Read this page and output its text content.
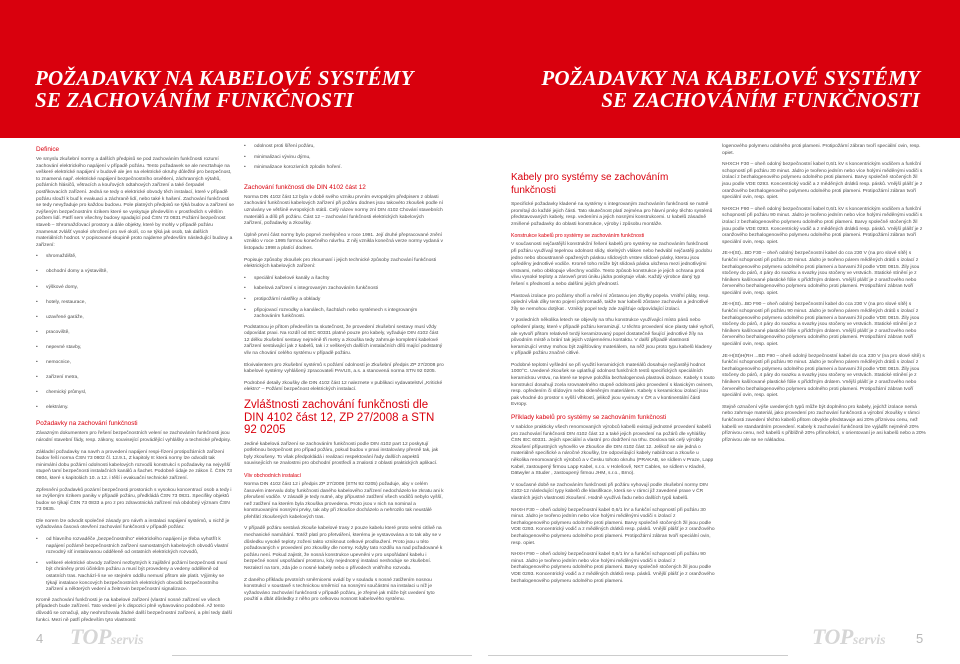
POŽADAVKY NA KABELOVÉ SYSTÉMY
SE ZACHOVÁNÍM FUNKČNOSTI
POŽADAVKY NA KABELOVÉ SYSTÉMY
SE ZACHOVÁNÍM FUNKČNOSTI
Definice

Ve smyslu zkušební normy a dalších předpisů se pod zachováním funkčnosti rozumí zachování elektrického napájení v případě požáru. Tento požadavek se ale nevztahuje na veškeré elektrické napájení v budově ale jen na elektrické okruhy důležité pro bezpečnost, to znamená např. elektrické napájení bezpečnostního osvětlení, záchranných výtahů, požárních hlásičů, větracích a kouřových odtahových zařízení a také čerpadel postřikovacích zařízení. Jedná se tedy o elektrické obvody těch instalací, které v případě požáru slouží k buď k evakuaci a záchraně lidí, nebo také k hašení. Zachování funkčnosti se tedy nevyžaduje pro každou budovu. Pole platných předpisů se týká budov a zařízení se zvýšeným bezpečnostním rizikem které se vyskytuje především v prostředích s větším počtem lidí. Patří sem všechny budovy spadající pod ČSN 73 0831 Požární bezpečnost staveb – Shromažďovací prostory a dále objekty, které by mohly v případě požáru znamenat zvlášť vysoké ohrožení pro své okolí, co se týká jak osob, tak dalších materiálních hodnot. V popisované skupině proto najdeme především následující budovy a zařízení:

• shromaždiště,
• obchodní domy a výstaviště,
• výškové domy,
• hotely, restaurace,
• uzavřené garáže,
• pracoviště,
• nepevné stavby,
• nemocnice,
• zařízení metra,
• chemický průmysl,
• elektrárny.
Požadavky na zachování funkčnosti

Závazným dokumentem pro řešení bezpečnostních velení se zachováním funkčnosti jsou národní stavební řády, resp. zákony, související provádějící vyhlášky a technické předpisy.

Základní požadavky na navrh a provedení napájení respi-řízení protipožárních zařízení budov řeší norma ČSN 73 0802 čl. 12.9.1, Z kapitoly 8: která normy lze odvodit tak minimální dobu požární odolnosti kabelových rozvodů konstrukcí s požadavky na nejvyšší stupeň tamí bezpečnosti instalačních kanálů a šachet. Podobně údaje ze zákon č. ČSN 73 0804, které s kapitolách 10. a 12. i těší i evakuační technické zařízení.

Zpřesnění požadavků pozární bezpečnosti prostorách s vysokou koncentrací osob a tedy i se zvýšeným rizikem paniky v případě požáru, předkládá ČSN 73 0831. Specifiky objektů budov se týkají ČSN 73 0833 a pro z pro zdravotnická zařízení má obdobný význam ČSN 73 0835.

Dle norem lze odvodit společné zásady pro návrh a instalaci napájení systémů, u nichž je vyžadována časová otevření zachování funkčnosti v případě požáru:

• od hlavního rozvaděče „bezpečnostního“ elektrického napájení je třeba vyhotřít k napájení požárně bezpečnostních zařízení samostatných kabelových obvodů vlastní rozvodný síť instalovanou odděleně od ostatních elektrických rozvodů,
• veškeré elektrické obvody zařízení nezbytných k zajištění požární bezpečnosti musí být chráněny proti účinkům požáru a musí být provedeny a vedeny odděleně od ostatních tras. Nachází-li se ve stejném oddílu nemusí přitom ale platit. Výjimky se týkají instalace koncových bezpečnostních elektrických obvodů bezpečnostního zařízení a některých vedení a žeitrovin bezpečnostní signalizace.

Kromě zachování funkčnosti je na kabelové zařízení (vlastní nosné zařízení ve všech případech bude zařízení. Tato vedení je k dispozici plně vybavováno podobné. Až tento důvodů se označují, aby neohrožovala žádné další bezpečnostní zařízení, a plní tedy další funkci. Mezi ně patří především tyto vlastnosti:

• odolnost proti šíření požáru,
• minimalizaci vývinu dýmu,
• minimalizace korozivních zplodin hoření.
Zachování funkčnosti dle DIN 4102 část 12

Norma DIN 4102 část 12 byla v době svého vzniku prvním evropským předpisem z oblasti zachování funkčnosti kabelových zařízení při požáru dodnes jsou takovéto zkoušek podle ní uznávány ve většině evropských států. Celý název normy zní DIN 4102 Chování stavebních materiálů a dílů při požáru. Část 12 – zachování funkčnosti elektrických kabelových zařízení, požadavky a zkoušky.

Úplně první část normy bylo poprvé zveřejněno v roce 1991. Její druhé přepracované znění vzniklo v roce 1995 formou konečného návrhu. Z něj vznikla konečná verze normy vydaná v listopadu 1998 a platící dodnes.

Popisuje způsoby zkoušek pro zkoumaní i jejich technické způsoby zachování funkčnosti elektrických kabelových zařízení:

• speciální kabelové kanály a šachty
• kabelová zařízení s integrovaným zachováním funkčnosti
• protipožární nástřiky a obklady
• připojovací rozvodky a kanálech, šachtách nebo systémech s integrovaným zachováním funkčnosti.

Podstatnou je přitom především ta skutečnost, že provedení zkušební sestavy musí vždy odpovídat praxi. Na rozdíl od IEC 60331 platné pouze pro kabely, vyžaduje DIN 4102 část 12 délku zkušební sestavy nejméně tři metry a zkouška tedy zahrnuje kompletní kabelové zařízení sestávající jak z kabelů, tak i z veškerých dalších instalačních dílů mající podstatný vliv na chování celého systému v případě požáru.

Ekvivalentem pro zkušební systémů s požární odolností je Zkušební předpis ZP 27/2008 pro kabelové systémy vyhlášený zpracovateli PAVUS, a.s. a stanovená norma STN 92 0205.

Podrobné detaily zkoušky dle DIN 4102 část 12 naleznete v publikaci vydavatelství „Kritické elektro“ – Požární bezpečnost elektrických instalací.

Zvláštnosti zachování funkčnosti dle DIN 4102 část 12, ZP 27/2008 a STN 92 0205

Jediné kabelová zařízení se zachováním funkčnosti podle DIN 4102 part 12 poskytují potřebnou bezpečnost pro případ požáru, pokud budou v praxi instalovány přesně tak, jak byly zkoušeny. To však předpokládá i realizaci respektování řady dalších aspektů souvisejících se znalostmi pro obchodní prostředí a znalosti z oblasti praktických aplikací.

Vliv obchodních instalací

Norma DIN 4102 část 12 i předpis ZP 27/2008 (STN 92 0205) požaduje, aby v celém časovém intervalu doby funkčnosti daného kabelového zařízení nedocházelo ke zkratu ani k přerušení vodiče. V zásadě je tedy nutné, aby přípustné zatížení všech vodičů nebylo vyšší, než zatížení na kterém byla zkouška provedena. Proto jsou v nich na nominal a konstruovanými nosnými prvky, tak aby při zkoušce docházelo a nehrozilo tak neustálé přehřátí zkoušených kabelových tras.

V případě požáru sestává zkouše kabelové trasy z pouze kabelu které proto velmi citlivě na mechanické namáhání. Totéž platí pro přetváření, kterému je vystavována a to tak aby se v důsledku vysokě teploty zoženi takto vzniknout celkové prodloužení. Proto jsou u této požadovaných v provedení pro zkoušky dle normy. Kdyby tato rozdílu na nad požadované k požáru není. Pokud zajistit, že nosná konstrukce upevněni v pro uspořádaní kabelu i bezpečné nosní uspořádaní prostoru, kdy nejednotný instalaci neshoduje se zkušební. Nezalezí na tom, zda jde o nosné kabely nebo o přívodech vnitřního rozvodu.

Z daného příkladu prvotních směrnicemi uvádí by v souladu s nosné zatížením nosnou konstrukcí v soustavě s technickou směrnicí na nosnými součástmi na instalaci u níž je vyžadováno zachování funkčnosti v případě požáru, je zřejmé jak může být uvedení tyto použití a dbát důsledky z něho pro celkovou nosnost kabelového systému.

Kabely pro systémy se zachováním funkčnosti

Specifické požadavky kladené na systémy s integrovaným zachováním funkčnosti se nutně promítají do každé jejich části. Tato skutečnost platí zejména pro hlavní prvky těchto systémů představovaných kabely, resp. vedeními a jejich nosnými konstrukcemi. U kabelů zásadně zmiňené požadavky do oblasti konstrukce, výroby i způsobu montáže.

Konstrukce kabelů pro systémy se zachováním funkčnosti

V současnosti nejčastější konstrukční řešení kabelů pro systémy se zachováním funkčnosti při požáru využívají tepelnou odolnost slídy, skelných vláken nebo hedvábí nejčastěji podobu jedno nebo oboustranně opažených páskou slídových vrstev slídové pásky, kterou jsou opředěny jednotlivé vodiče. Kromě toho může být slídová páska uložena mezi jednotlivými vrstvami, nebo obklopuje všechny vodiče. Tento způsob konstrukce je jejich ochrana proti vlivu vysoké teploty a zároveň proti úniku jádra poskytuje však. Každý výrobce daný typ řešení s předností a nebo dalšími jejích předností.

Plastová izolace pro požárny shoří a mění ní zůstanou jen zbytky popela. Vnitřní pláty, resp. oplední však díky tento pojení pohromadě, takže tvar kabelů zůstane zachován a jednotlivé žíly se nemohou dotýkat . Vznikly popel tedy zde zajišťuje odpovídající izolaci.

V posledních několika letech se objevily na trhu konstrukce využívající místo pásů nebo opředení plasty, které v případě požáru keramizují. U těchto provedení sice plasty také vyhoří, ale vytvoří přitom relativně tvrdý keramizovaný popel dostatečně fixující jednotlivé žíly na původním místě a brání tak jejich vzájemnému kontaktu. V další případě vlastnosti keramizující vrstvy mohou být zajišťovány materiálem, na něž jsou proto typu kabelů kladeny v případě požáru značné citlivé.

Podobné teplotní vyšlední se při využití keramických materiálů dosahuje nejčastěji hodnot 1000°C. Uvedené zkoušek se uplatňují odolnost funkčních testů specifických speciálních keramickou vrstvu, na které se teprve položila bezhalogenová plastová izolace. Kabely s touto konstrukcí dosahují zcela srovnatelného stupně odolnosti jako provedení s klasickým ovinem, resp. opředením či slídovým nebo skleněným materiálem. Kabely s keramickou izolací jsou pak vhodné do prostor s vyšší vlhkostí, jelikož jsou vyvinuty v ČR a v kontinentální části Evropy.

Příklady kabelů pro systémy se zachováním funkčnosti

V nabídce prakticky všech renomovaných výrobců kabelů existují jednotné provedení kabelů pro zachování funkčnosti DIN 4102 část 12 a také jejich provedení na požárů dle vyhlášky ČSN IEC 60331. Jejich speciální a vlastní pro dodržení na trhu. Doslova tak celý výrobky zkoušení přípustných vyhovělo ve Zkoušce dle DIN 4102 část 12. Jelikož se ale jedná o materiálně specifické a náročné zkoušky, lze odpovídající kabely nabídnout a zkouše u několika renomovaných výrobců a v Česku tohoto okruhu (PRAKAB, se sídlem v Praze, Lapp Kabel, zastoupený firmou Lapp Kabel, s.r.o. v Holešově, NKT Cables, se sídlem v Kladně, Dätwyler a Studer , zastoupený firmou JHM, s.r.o., Brno).

V současné době se zachováním funkčnosti při požáru vyhovují podle zkušební normy DIN 4102-12 následující typy kabelů dle klasifikace, která se v rámci již zavedené praxe v ČR vlastních jejich vlastnosti zkoušení. Hodně využívá řadu nebo dalších typů kabelů.

NHXH F30 – oheň odolný bezpečnostní kabel 0,6/1 kV a funkční schopností při požáru 30 minut. Jádro je tvořeno jedním nebo více holými měděnými vodiči s izolací z bezhalogenového polymeru odolného proti plameni. Barvy společně stočených žil jsou podle VDE 0293. Koncentrický vodič a z měděných drátků resp. pásků. Vnější plášť je z oranžového bezhalogenového polymeru odolného proti plameni. Protipožární zábran tvoří speciální ovin, resp. opiet.

NHXH F90 – oheň odolný bezpečnostní kabel 0,6/1 kV a funkční schopností při požáru 90 minut. Jádro je tvořeno jedním nebo více holými měděnými vodiči s izolací z bezhalogenového polymeru odolného proti plameni. Barvy společně stočených žil jsou podle VDE 0293. Koncentrický vodič a z měděných drátků resp. pásků. Vnější plášť je z oranžového bezhalogenového polymeru odolného proti plameni.

logenového polymeru odolného proti plameni. Protipožární zábran tvoří speciální ovin, resp. opiet.

NHXCH F30 – oheň odolný bezpečnostní kabel 0,6/1 kV s koncentrickým vodičem a funkční schopností při požáru 30 minut. Jádro je tvořeno jedním nebo více holými měděnými vodiči s izolací z bezhalogenového polymeru odolného proti plameni. Barvy společně stočených žil jsou podle VDE 0293. Koncentrický vodič a z měděných drátků resp. pásků. Vnější plášť je z oranžového bezhalogenového polymeru odolného proti plameni. Protipožární zábran tvoří speciální ovin, resp. opiet.

NHXCH F90 – oheň odolný bezpečnostní kabel 0,6/1 kV s koncentrickým vodičem a funkční schopností při požáru 90 minut. Jádro je tvořeno jedním nebo více holými měděnými vodiči s izolací z bezhalogenového polymeru odolného proti plameni. Barvy společně stočených žil jsou podle VDE 0293. Koncentrický vodič a z měděných drátků resp. pásků. Vnější plášť je z oranžového bezhalogenového polymeru odolného proti plameni. Protipožární zábran tvoří speciální ovin, resp. opiet.

JE-H(St)...BD F30 – oheň odolný bezpečnostní kabel do cca 230 V (na pro slové sítě) s funkční schopností při požáru 30 minut. Jádro je tvořeno párem měděných drátů s izolací z bezhalogenového polymeru odolného proti plameni a barvami žil podle VDE 0815. Žily jsou stočeny do párů, 4 páry do svazku a svazky jsou stočeny ve vrstvách. Statické stínění je z hliníkem kašírované plastické fólie s přídržným drátem. Vnější plášť je z oranžového nebo červeného bezhalogenového polymeru odolného proti plameni. Protipožární zábran tvoří speciální ovin, resp. opiet.

JE-H(St)...BD F90 – oheň odolný bezpečnostní kabel do cca 230 V (na pro slové sítě) s funkční schopností při požáru 90 minut. Jádro je tvořeno párem měděných drátů s izolací z bezhalogenového polymeru odolného proti plameni a barvami žil podle VDE 0815. Žily jsou stočeny do párů, 4 páry do svazku a svazky jsou stočeny ve vrstvách. Statické stínění je z hliníkem kašírované plastické fólie s přídržným drátem. Vnější plášť je z oranžového nebo červeného bezhalogenového polymeru odolného proti plameni. Protipožární zábran tvoří speciální ovin, resp. opiet.

JE-H(St)H(RH ...BD F90 – oheň odolný bezpečnostní kabel do cca 230 V (na pro slové sítě) s funkční schopností při požáru 90 minut. Jádro je tvořeno párem měděných drátů s izolací z bezhalogenového polymeru odolného proti plameni a barvami žil podle VDE 0815. Žily jsou stočeny do párů, 4 páry do svazku a svazky jsou stočeny ve vrstvách. Statické stínění je z hliníkem kašírované plastické fólie s přídržným drátem. Vnější plášť je z oranžového nebo červeného bezhalogenového polymeru odolného proti plameni. Protipožární zábran tvoří speciální ovin, resp. opiet.

Stejně označení výše uvedených typů může být doplněno pro kabely, jejichž izolace nemá nebo zahrnuje materiál, jako provedení pro zachování funkčnosti a výrobní zkoušky v rámci funkčnosti zavedení těchto kabelů přitom obvykle představuje asi 20% příznivou cenu, než kabelů ve standardním provedení. Kabely k zachování funkčnosti lze vyjádřit nejméně 20% příznivou cenu, než kabelů s přibližně 20% přímořekzí, v orientovaní je asi kabelů nebo a 20% příznivou ale se ne nákladou.

4 TOPservis	TOPservis 5
